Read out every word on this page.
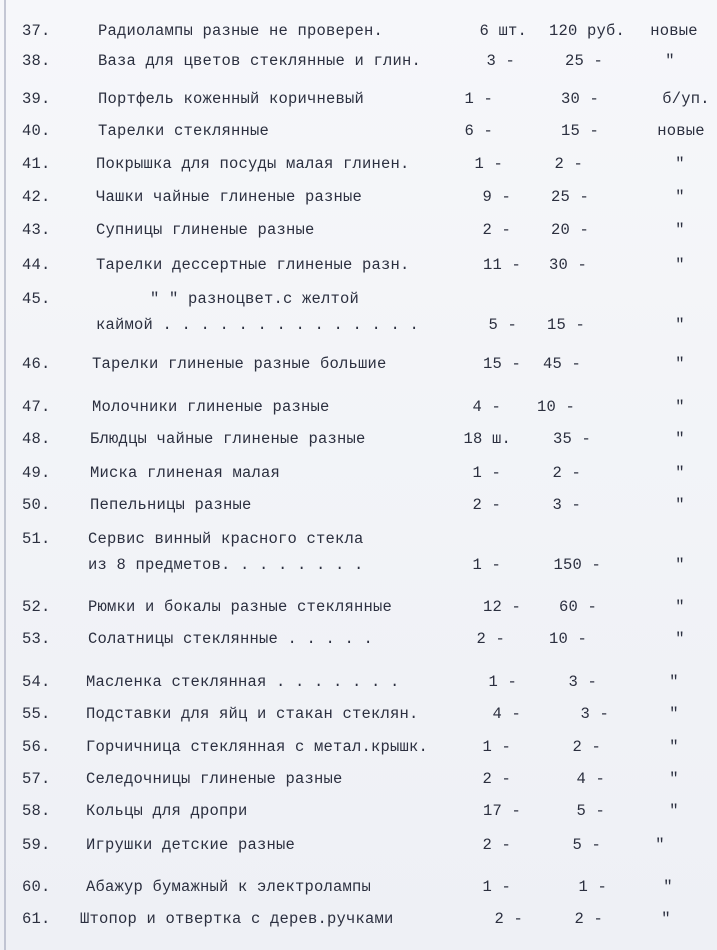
37.	Радиолампы разные не проверен.	6 шт. 120 руб.	новые
38.	Ваза для цветов стеклянные и глин.	3 -	25 -	"
39.	Портфель коженный коричневый	1 -	30 -	б/уп.
40.	Тарелки стеклянные	6 -	15 -	новые
41.	Покрышка для посуды малая глинен.	1 -	2 -	"
42.	Чашки чайные глиненые разные	9 -	25 -	"
43.	Супницы глиненые разные	2 -	20 -	"
44.	Тарелки дессертные глиненые разн.	11 - 30 -	"
45.	" " разноцвет.с желтой
каймой . . . . . . . . . . . . . .	5 - 15 -	"
46.	Тарелки глиненые разные большие	15 - 45 -	"
47.	Молочники глиненые разные	4 - 10 -	"
48.	Блюдцы чайные глиненые разные	18 ш.	35 -	"
49.	Миска глиненая малая	1 -	2 -	"
50.	Пепельницы разные	2 -	3 -	"
51. Сервис винный красного стекла
из 8 предметов. . . . . . . .	1 -	150 -	"
52. Рюмки и бокалы разные стеклянные	12 - 60 -	"
53. Солатницы стеклянные . . . . .	2 -	10 -	"
54. Масленка стеклянная . . . . . . .	1 -	3 -	"
55. Подставки для яйц и стакан стеклян.	4 -	3 -	"
56. Горчичница стеклянная с метал.крышк.	1 -	2 -	"
57. Селедочницы глиненые разные	2 -	4 -	"
58. Кольцы для дропри	17 -	5 -	"
59. Игрушки детские разные	2 -	5 -	"
60. Абажур бумажный к электролампы	1 -	1 -	"
61. Штопор и отвертка с дерев.ручками	2 -	2 -	"
